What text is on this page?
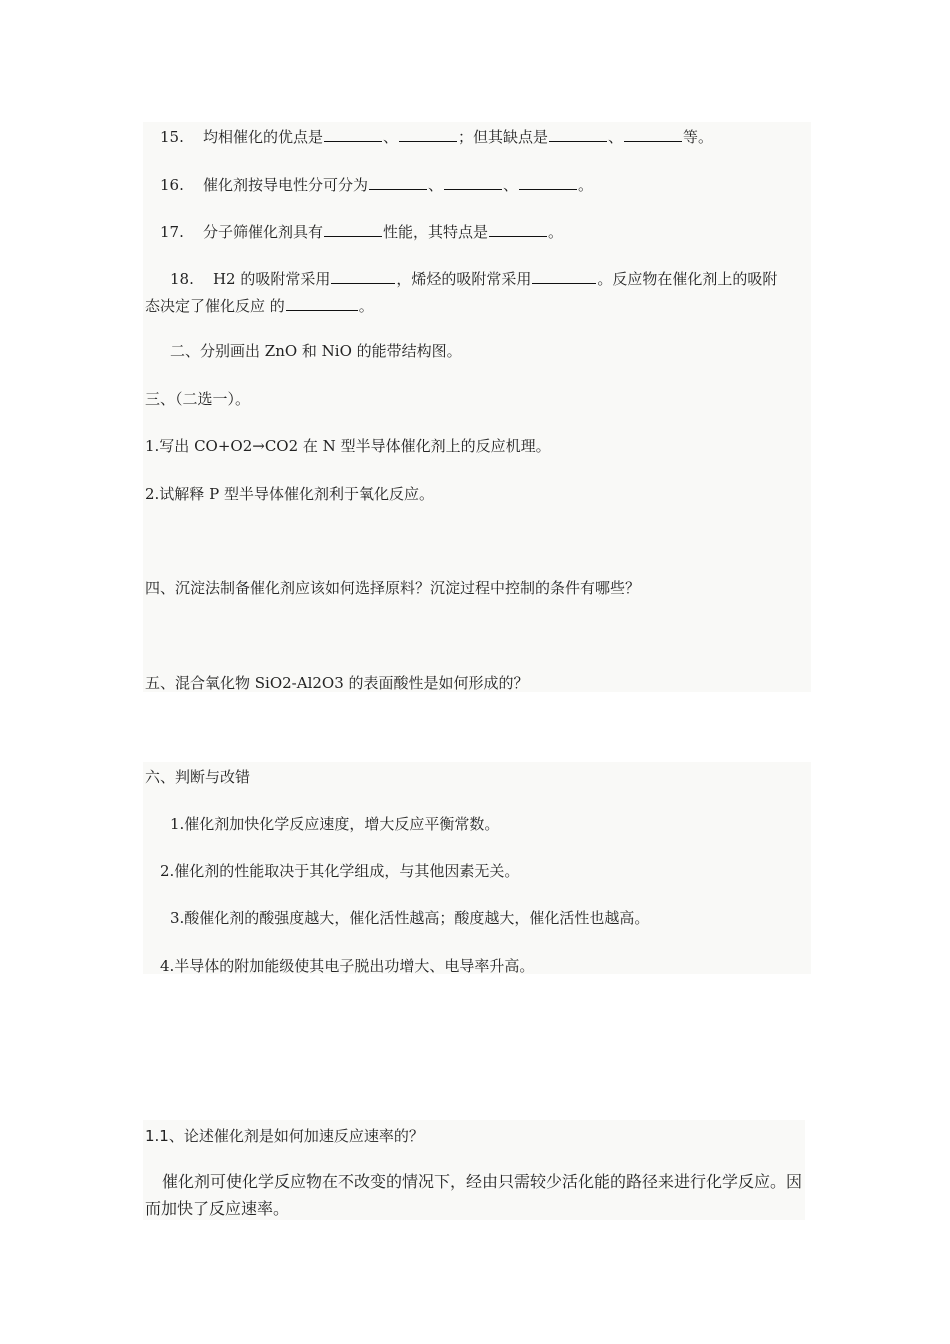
15. 均相催化的优点是	、	；但其缺点是	、	等。
16. 催化剂按导电性分可分为	、	、	。
17. 分子筛催化剂具有	性能，其特点是	。
18. H2 的吸附常采用	，烯烃的吸附常采用	。反应物在催化剂上的吸附
态决定了催化反应 的	。
二、分别画出 ZnO 和 NiO 的能带结构图。
三、（二选一）。
1.写出 CO+O2→CO2 在 N 型半导体催化剂上的反应机理。
2.试解释 P 型半导体催化剂利于氧化反应。
四、沉淀法制备催化剂应该如何选择原料？沉淀过程中控制的条件有哪些？
五、混合氧化物 SiO2-Al2O3 的表面酸性是如何形成的？
六、判断与改错
1.催化剂加快化学反应速度，增大反应平衡常数。
2.催化剂的性能取决于其化学组成，与其他因素无关。
3.酸催化剂的酸强度越大，催化活性越高；酸度越大，催化活性也越高。
4.半导体的附加能级使其电子脱出功增大、电导率升高。
1.1、论述催化剂是如何加速反应速率的？
催化剂可使化学反应物在不改变的情况下，经由只需较少活化能的路径来进行化学反应。因而加快了反应速率。
